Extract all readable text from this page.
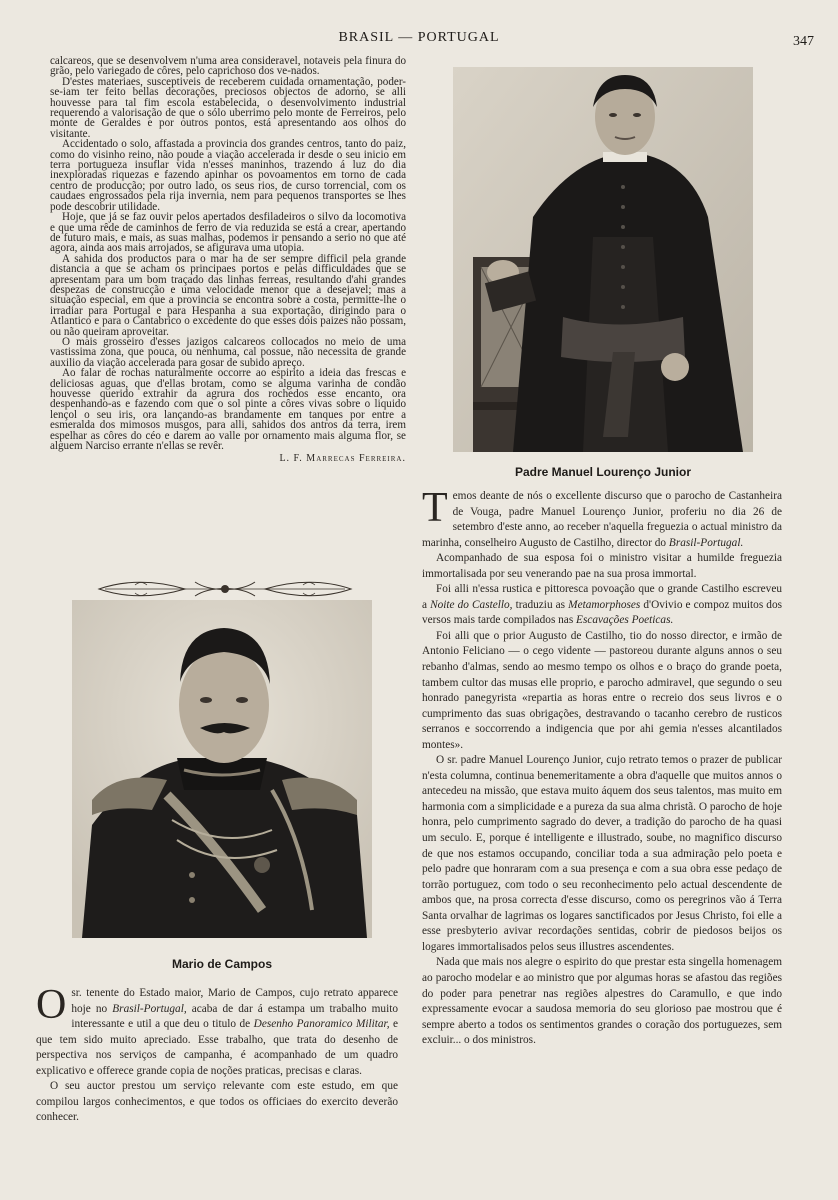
BRASIL — PORTUGAL	347

calcareos, que se desenvolvem n'uma area consideravel, notaveis pela finura do grão, pelo variegado de côres, pelo caprichoso dos ve-nados.

D'estes materiaes, susceptiveis de receberem cuidada ornamentação, poder-se-iam ter feito bellas decorações, preciosos objectos de adorno, se alli houvesse para tal fim escola estabelecida, o desenvolvimento industrial requerendo a valorisação de que o sólo uberrimo pelo monte de Ferreiros, pelo monte de Geraldes e por outros pontos, está apresentando aos olhos do visitante.

Accidentado o solo, affastada a provincia dos grandes centros, tanto do paiz, como do visinho reino, não poude a viação accelerada ir desde o seu inicio em terra portugueza insuflar vida n'esses maninhos, trazendo á luz do dia inexploradas riquezas e fazendo apinhar os povoamentos em torno de cada centro de producção; por outro lado, os seus rios, de curso torrencial, com os caudaes engrossados pela rija invernia, nem para pequenos transportes se lhes pode descobrir utilidade.

Hoje, que já se faz ouvir pelos apertados desfiladeiros o silvo da locomotiva e que uma rêde de caminhos de ferro de via reduzida se está a crear, apertando de futuro mais, e mais, as suas malhas, podemos ir pensando a serio no que até agora, ainda aos mais arrojados, se afigurava uma utopia.

A sahida dos productos para o mar ha de ser sempre difficil pela grande distancia a que se acham os principaes portos e pelas difficuldades que se apresentam para um bom traçado das linhas ferreas, resultando d'ahi grandes despezas de construcção e uma velocidade menor que a desejavel; mas a situação especial, em que a provincia se encontra sobre a costa, permitte-lhe o irradiar para Portugal e para Hespanha a sua exportação, dirigindo para o Atlantico e para o Cantabrico o excedente do que esses dois paizes não possam, ou não queiram aproveitar.

O mais grosseiro d'esses jazigos calcareos collocados no meio de uma vastissima zona, que pouca, ou nenhuma, cal possue, não necessita de grande auxilio da viação accelerada para gosar de subido apreço.

Ao falar de rochas naturalmente occorre ao espirito a ideia das frescas e deliciosas aguas, que d'ellas brotam, como se alguma varinha de condão houvesse querido extrahir da agrura dos rochedos esse encanto, ora despenhando-as e fazendo com que o sol pinte a côres vivas sobre o liquido lençol o seu iris, ora lançando-as brandamente em tanques por entre a esmeralda dos mimosos musgos, para alli, sahidos dos antros da terra, irem espelhar as côres do céo e darem ao valle por ornamento mais alguma flor, se alguem Narciso errante n'ellas se revêr.

L. F. Marrecas Ferreira.
Mario de Campos

Osr. tenente do Estado maior, Mario de Campos, cujo retrato apparece hoje no Brasil-Portugal, acaba de dar á estampa um trabalho muito interessante e util a que deu o titulo de Desenho Panoramico Militar, e que tem sido muito apreciado. Esse trabalho, que trata do desenho de perspectiva nos serviços de campanha, é acompanhado de um quadro explicativo e offerece grande copia de noções praticas, precisas e claras.

O seu auctor prestou um serviço relevante com este estudo, em que compilou largos conhecimentos, e que todos os officiaes do exercito deverão conhecer.

Padre Manuel Lourenço Junior

Temos deante de nós o excellente discurso que o parocho de Castanheira de Vouga, padre Manuel Lourenço Junior, proferiu no dia 26 de setembro d'este anno, ao receber n'aquella freguezia o actual ministro da marinha, conselheiro Augusto de Castilho, director do Brasil-Portugal.

Acompanhado de sua esposa foi o ministro visitar a humilde freguezia immortalisada por seu venerando pae na sua prosa immortal.

Foi alli n'essa rustica e pittoresca povoação que o grande Castilho escreveu a Noite do Castello, traduziu as Metamorphoses d'Ovivio e compoz muitos dos versos mais tarde compilados nas Escavações Poeticas.

Foi alli que o prior Augusto de Castilho, tio do nosso director, e irmão de Antonio Feliciano — o cego vidente — pastoreou durante alguns annos o seu rebanho d'almas, sendo ao mesmo tempo os olhos e o braço do grande poeta, tambem cultor das musas elle proprio, e parocho admiravel, que segundo o seu honrado panegyrista «repartia as horas entre o recreio dos seus livros e o cumprimento das suas obrigações, destravando o tacanho cerebro de rusticos serranos e soccorrendo a indigencia que por ahi gemia n'esses alcantilados montes».

O sr. padre Manuel Lourenço Junior, cujo retrato temos o prazer de publicar n'esta columna, continua benemeritamente a obra d'aquelle que muitos annos o antecedeu na missão, que estava muito áquem dos seus talentos, mas muito em harmonia com a simplicidade e a pureza da sua alma christã. O parocho de hoje honra, pelo cumprimento sagrado do dever, a tradição do parocho de ha quasi um seculo. E, porque é intelligente e illustrado, soube, no magnifico discurso de que nos estamos occupando, conciliar toda a sua admiração pelo poeta e pelo padre que honraram com a sua presença e com a sua obra esse pedaço de torrão portuguez, com todo o seu reconhecimento pelo actual descendente de ambos que, na prosa correcta d'esse discurso, como os peregrinos vão á Terra Santa orvalhar de lagrimas os logares sanctificados por Jesus Christo, foi elle a esse presbyterio avivar recordações sentidas, cobrir de piedosos beijos os logares immortalisados pelos seus illustres ascendentes.

Nada que mais nos alegre o espirito do que prestar esta singella homenagem ao parocho modelar e ao ministro que por algumas horas se afastou das regiões do poder para penetrar nas regiões alpestres do Caramullo, e que indo expressamente evocar a saudosa memoria do seu glorioso pae mostrou que é sempre aberto a todos os sentimentos grandes o coração dos portuguezes, sem excluir... o dos ministros.
